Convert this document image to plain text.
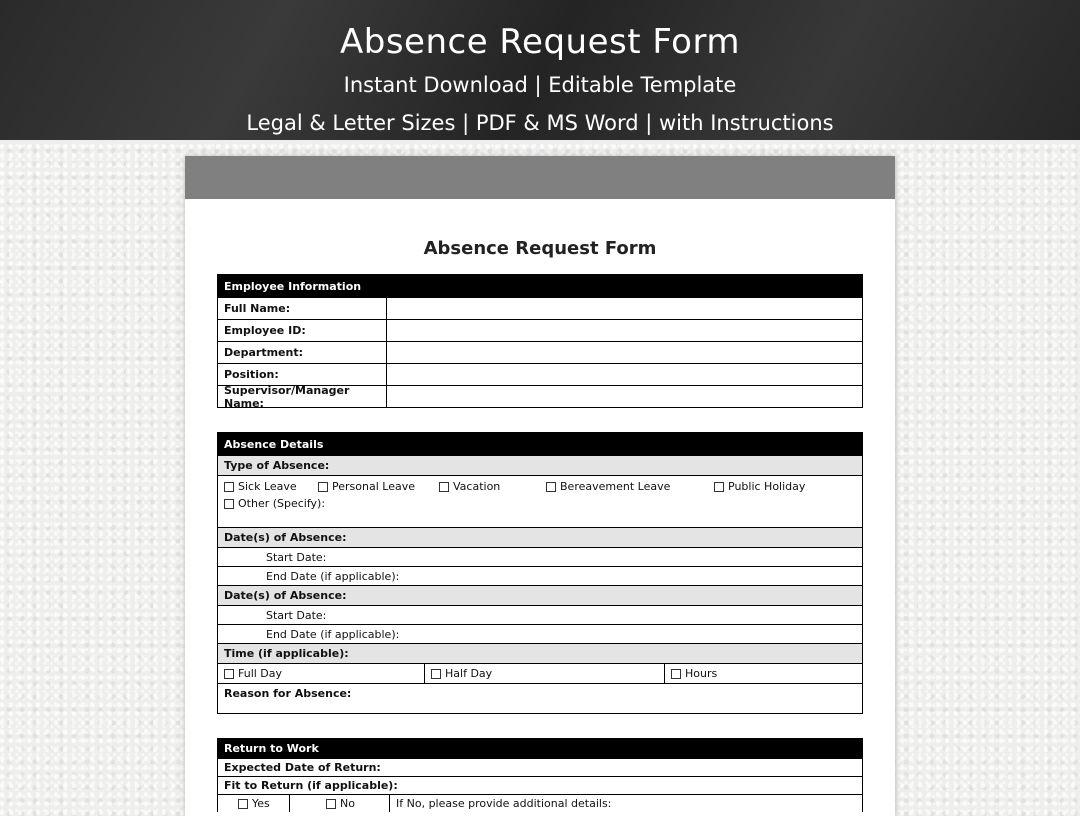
Absence Request Form
Instant Download | Editable Template
Legal & Letter Sizes | PDF & MS Word | with Instructions
Absence Request Form
Employee Information
Full Name:
Employee ID:
Department:
Position:
Supervisor/Manager Name:
Absence Details
Type of Absence:
Sick Leave	Personal Leave	Vacation	Bereavement Leave	Public Holiday
Other (Specify):
Date(s) of Absence:
Start Date:
End Date (if applicable):
Date(s) of Absence:
Start Date:
End Date (if applicable):
Time (if applicable):
Full Day	Half Day	Hours
Reason for Absence:
Return to Work
Expected Date of Return:
Fit to Return (if applicable):
Yes	No	If No, please provide additional details:
